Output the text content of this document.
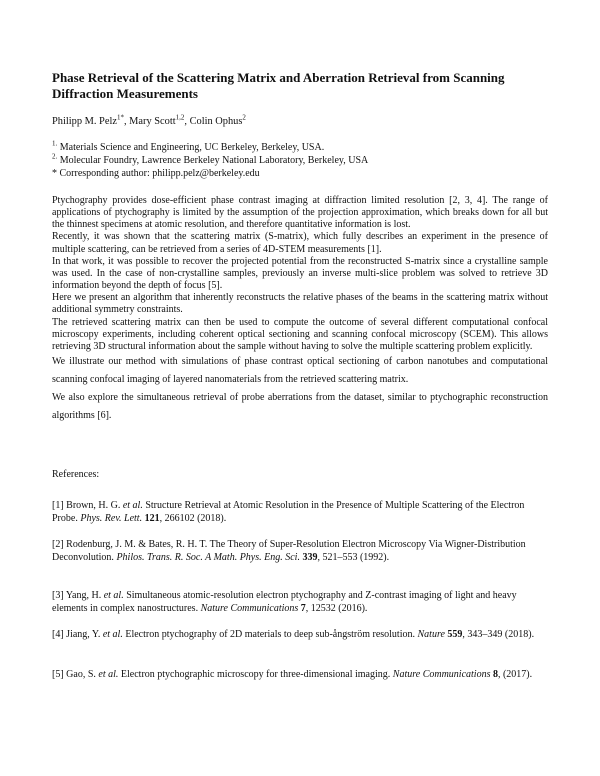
Phase Retrieval of the Scattering Matrix and Aberration Retrieval from Scanning Diffraction Measurements
Philipp M. Pelz$^{1*}$, Mary Scott$^{1,2}$, Colin Ophus$^2$
$^{1.}$ Materials Science and Engineering, UC Berkeley, Berkeley, USA.
$^{2.}$ Molecular Foundry, Lawrence Berkeley National Laboratory, Berkeley, USA
* Corresponding author: philipp.pelz@berkeley.edu

Ptychography provides dose-efficient phase contrast imaging at diffraction limited resolution [2, 3, 4]. The range of applications of ptychography is limited by the assumption of the projection approximation, which breaks down for all but the thinnest specimens at atomic resolution, and therefore quantitative information is lost.

Recently, it was shown that the scattering matrix (S-matrix), which fully describes an experiment in the presence of multiple scattering, can be retrieved from a series of 4D-STEM measurements [1].

In that work, it was possible to recover the projected potential from the reconstructed S-matrix since a crystalline sample was used. In the case of non-crystalline samples, previously an inverse multi-slice problem was solved to retrieve 3D information beyond the depth of focus [5].

Here we present an algorithm that inherently reconstructs the relative phases of the beams in the scattering matrix without additional symmetry constraints.

The retrieved scattering matrix can then be used to compute the outcome of several different computational confocal microscopy experiments, including coherent optical sectioning and scanning confocal microscopy (SCEM). This allows retrieving 3D structural information about the sample without having to solve the multiple scattering problem explicitly.

We illustrate our method with simulations of phase contrast optical sectioning of carbon nanotubes and computational scanning confocal imaging of layered nanomaterials from the retrieved scattering matrix.

We also explore the simultaneous retrieval of probe aberrations from the dataset, similar to ptychographic reconstruction algorithms [6].

References:
[1] Brown, H. G. et al. Structure Retrieval at Atomic Resolution in the Presence of Multiple Scattering of the Electron Probe. Phys. Rev. Lett. 121, 266102 (2018).
[2] Rodenburg, J. M. & Bates, R. H. T. The Theory of Super-Resolution Electron Microscopy Via Wigner-Distribution Deconvolution. Philos. Trans. R. Soc. A Math. Phys. Eng. Sci. 339, 521–553 (1992).
[3] Yang, H. et al. Simultaneous atomic-resolution electron ptychography and Z-contrast imaging of light and heavy elements in complex nanostructures. Nature Communications 7, 12532 (2016).
[4] Jiang, Y. et al. Electron ptychography of 2D materials to deep sub-ångström resolution. Nature 559, 343–349 (2018).
[5] Gao, S. et al. Electron ptychographic microscopy for three-dimensional imaging. Nature Communications 8, (2017).
